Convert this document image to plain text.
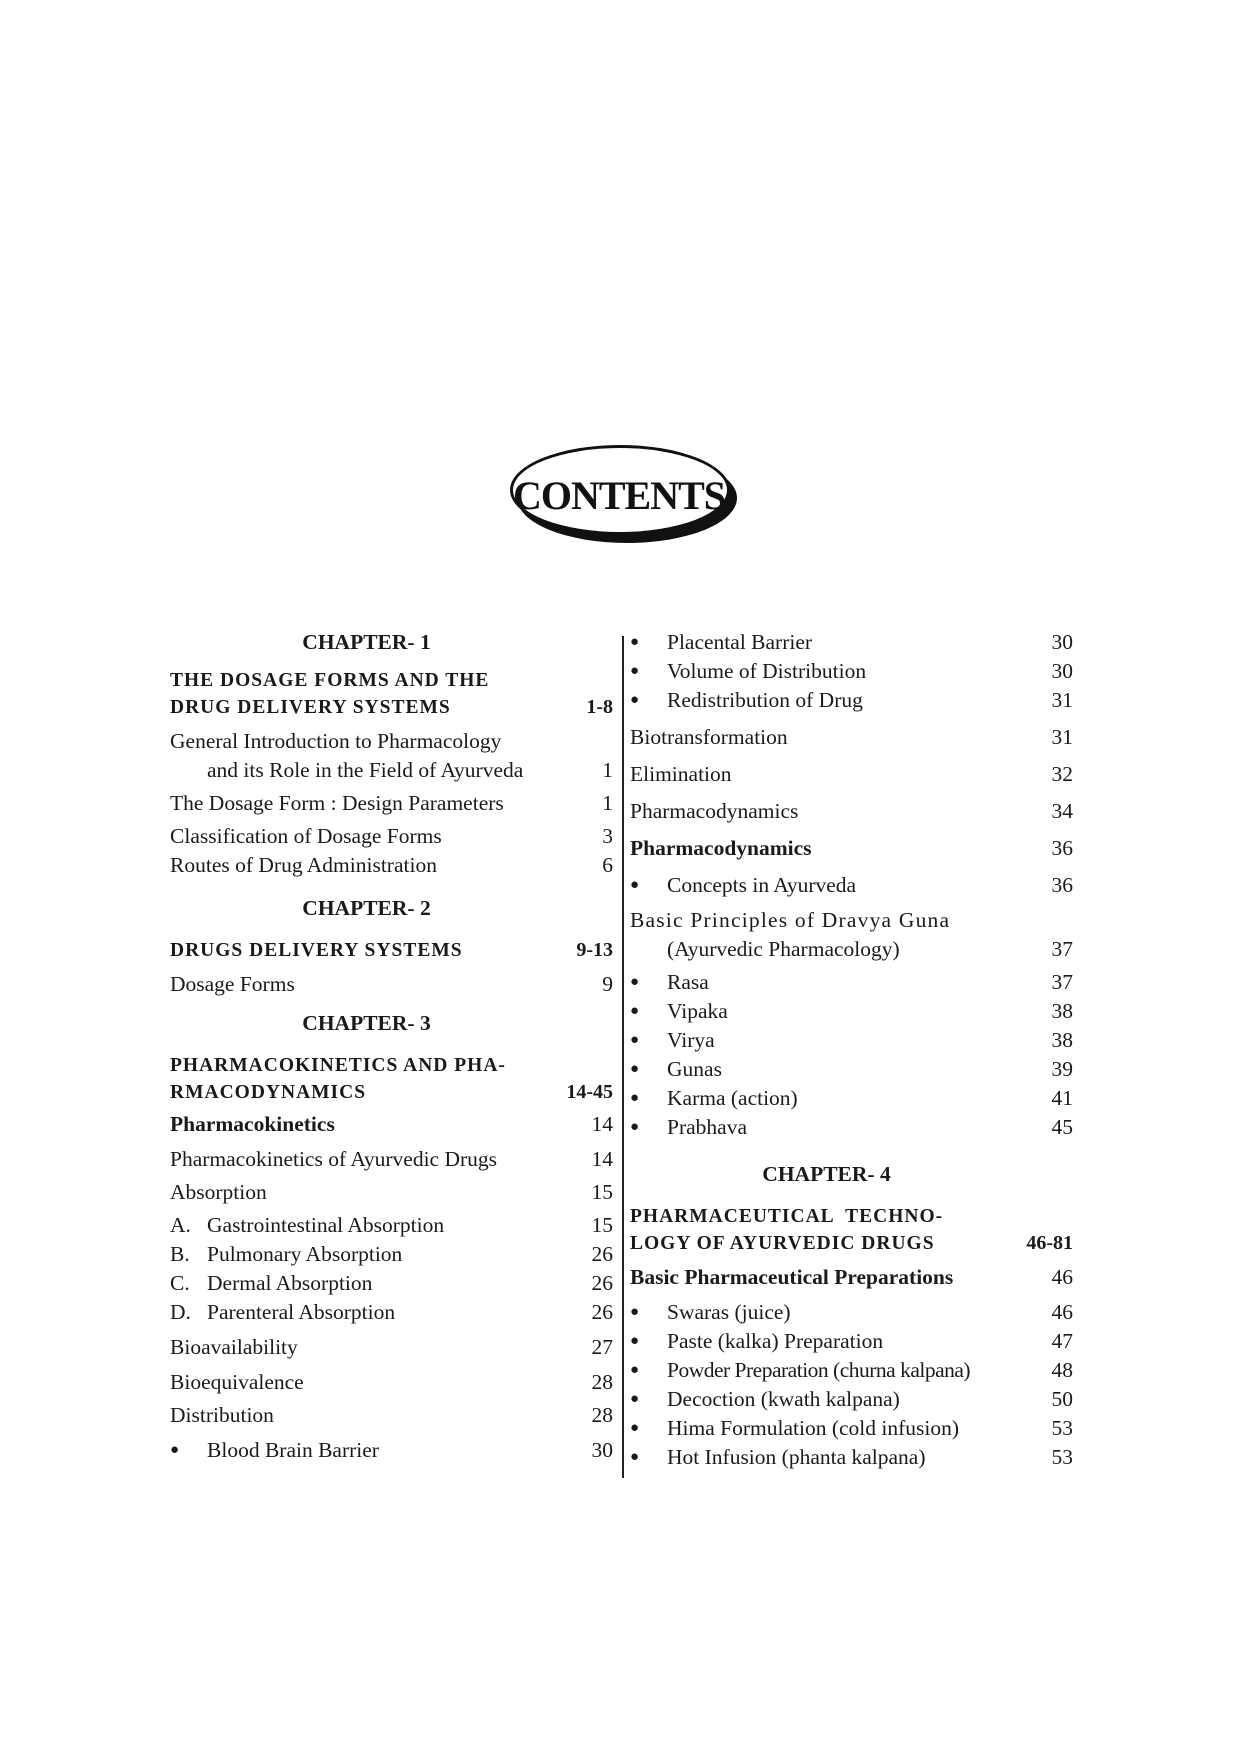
CONTENTS
CHAPTER- 1
THE DOSAGE FORMS AND THE
DRUG DELIVERY SYSTEMS	1-8
General Introduction to Pharmacology
and its Role in the Field of Ayurveda	1
The Dosage Form : Design Parameters	1
Classification of Dosage Forms	3
Routes of Drug Administration	6
CHAPTER- 2
DRUGS DELIVERY SYSTEMS	9-13
Dosage Forms	9
CHAPTER- 3
PHARMACOKINETICS AND PHA-
RMACODYNAMICS	14-45
Pharmacokinetics	14
Pharmacokinetics of Ayurvedic Drugs	14
Absorption	15
A. Gastrointestinal Absorption	15
B. Pulmonary Absorption	26
C. Dermal Absorption	26
D. Parenteral Absorption	26
Bioavailability	27
Bioequivalence	28
Distribution	28
● Blood Brain Barrier	30
● Placental Barrier	30
● Volume of Distribution	30
● Redistribution of Drug	31
Biotransformation	31
Elimination	32
Pharmacodynamics	34
Pharmacodynamics	36
● Concepts in Ayurveda	36
Basic Principles of Dravya Guna
(Ayurvedic Pharmacology)	37
● Rasa	37
● Vipaka	38
● Virya	38
● Gunas	39
● Karma (action)	41
● Prabhava	45
CHAPTER- 4
PHARMACEUTICAL TECHNO-
LOGY OF AYURVEDIC DRUGS	46-81
Basic Pharmaceutical Preparations	46
● Swaras (juice)	46
● Paste (kalka) Preparation	47
● Powder Preparation (churna kalpana)	48
● Decoction (kwath kalpana)	50
● Hima Formulation (cold infusion)	53
● Hot Infusion (phanta kalpana)	53
